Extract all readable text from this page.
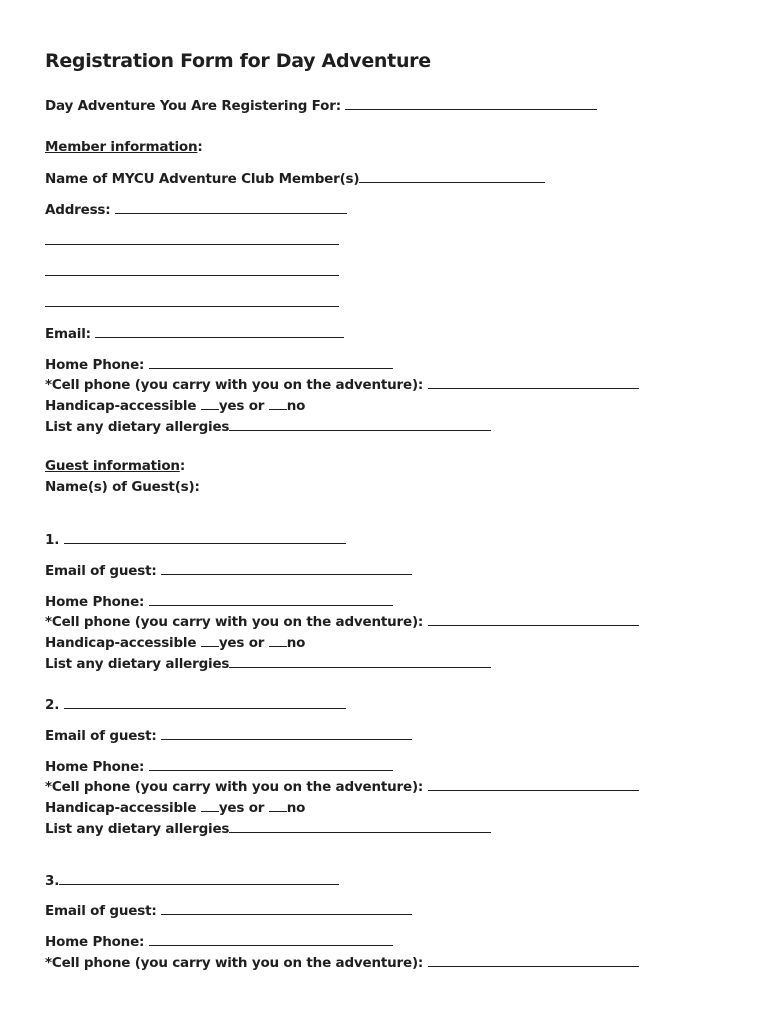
Registration Form for Day Adventure
Day Adventure You Are Registering For:
Member information:
Name of MYCU Adventure Club Member(s)
Address:
Email:
Home Phone:
*Cell phone (you carry with you on the adventure):
Handicap-accessible yes or no
List any dietary allergies
Guest information:
Name(s) of Guest(s):
1.
Email of guest:
Home Phone:
*Cell phone (you carry with you on the adventure):
Handicap-accessible yes or no
List any dietary allergies
2.
Email of guest:
Home Phone:
*Cell phone (you carry with you on the adventure):
Handicap-accessible yes or no
List any dietary allergies
3.
Email of guest:
Home Phone:
*Cell phone (you carry with you on the adventure):
